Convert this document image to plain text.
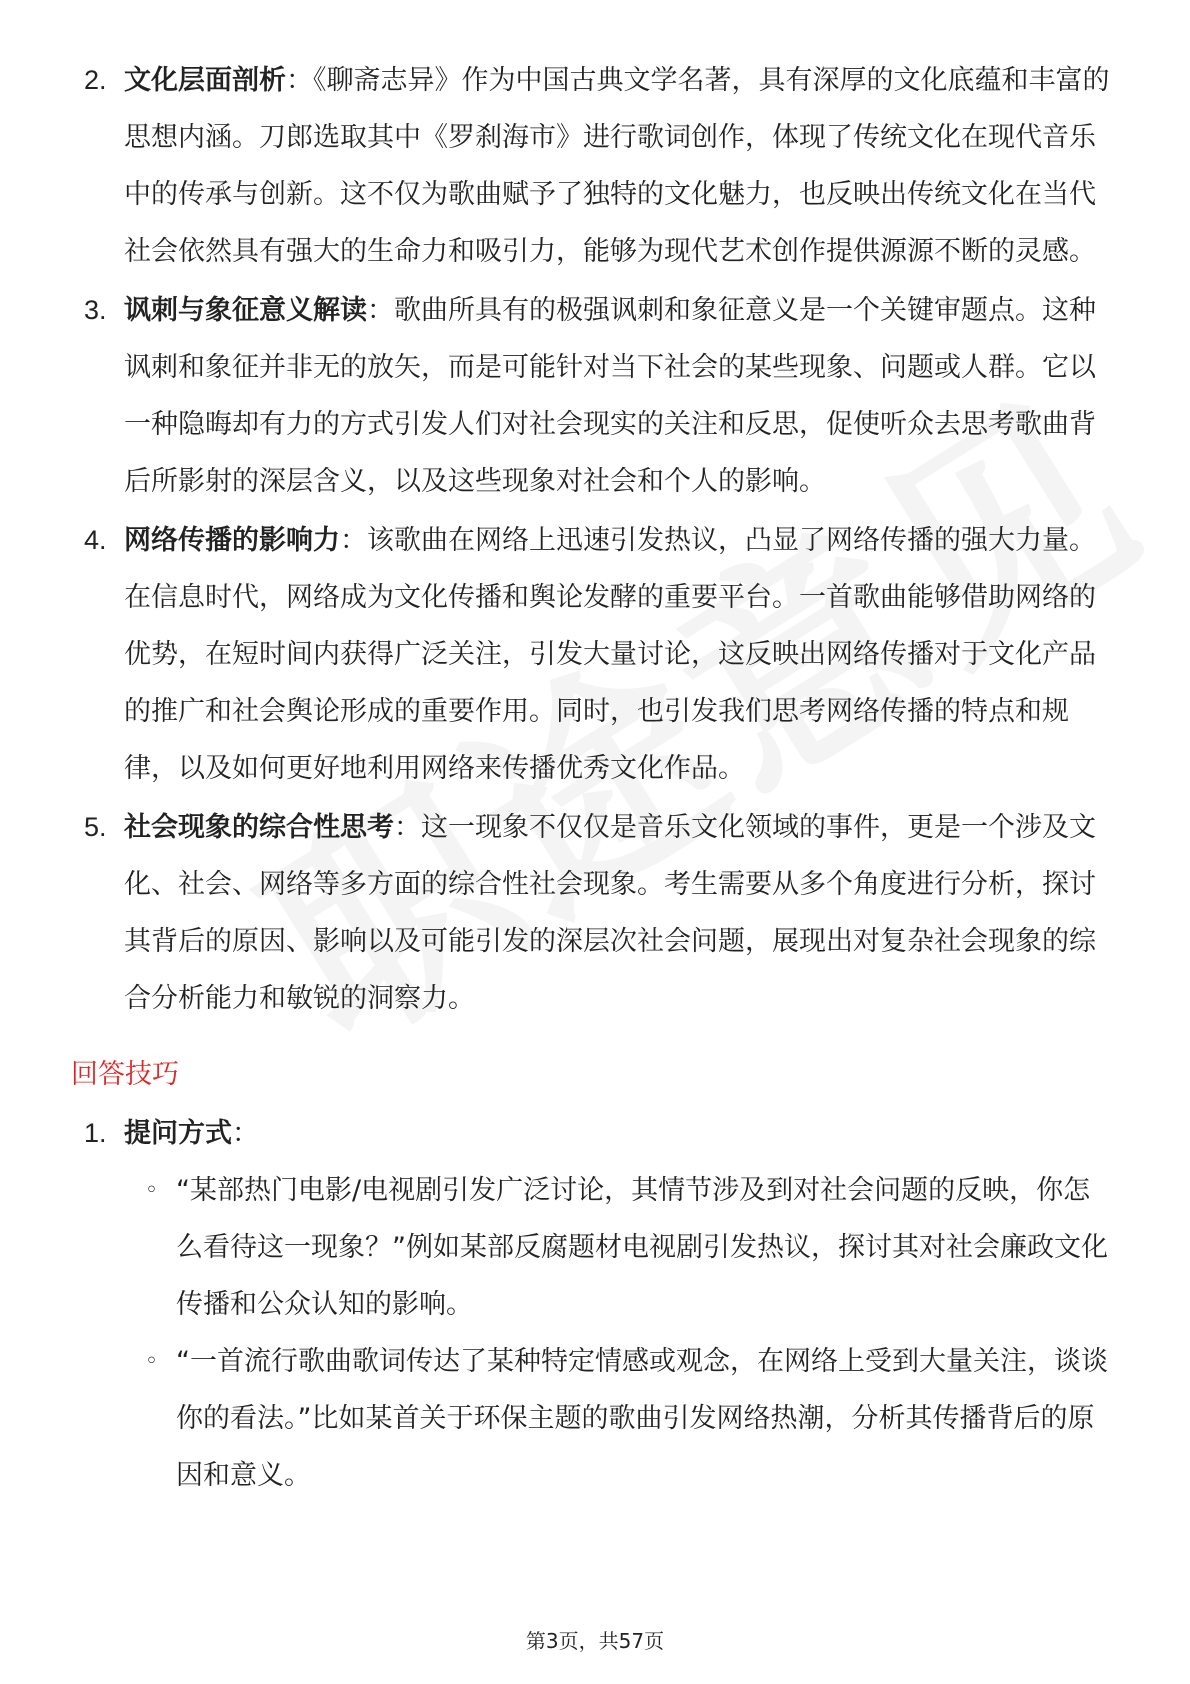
2. 文化层面剖析：《聊斋志异》作为中国古典文学名著，具有深厚的文化底蕴和丰富的思想内涵。刀郎选取其中《罗刹海市》进行歌词创作，体现了传统文化在现代音乐中的传承与创新。这不仅为歌曲赋予了独特的文化魅力，也反映出传统文化在当代社会依然具有强大的生命力和吸引力，能够为现代艺术创作提供源源不断的灵感。
3. 讽刺与象征意义解读：歌曲所具有的极强讽刺和象征意义是一个关键审题点。这种讽刺和象征并非无的放矢，而是可能针对当下社会的某些现象、问题或人群。它以一种隐晦却有力的方式引发人们对社会现实的关注和反思，促使听众去思考歌曲背后所影射的深层含义，以及这些现象对社会和个人的影响。
4. 网络传播的影响力：该歌曲在网络上迅速引发热议，凸显了网络传播的强大力量。在信息时代，网络成为文化传播和舆论发酵的重要平台。一首歌曲能够借助网络的优势，在短时间内获得广泛关注，引发大量讨论，这反映出网络传播对于文化产品的推广和社会舆论形成的重要作用。同时，也引发我们思考网络传播的特点和规律，以及如何更好地利用网络来传播优秀文化作品。
5. 社会现象的综合性思考：这一现象不仅仅是音乐文化领域的事件，更是一个涉及文化、社会、网络等多方面的综合性社会现象。考生需要从多个角度进行分析，探讨其背后的原因、影响以及可能引发的深层次社会问题，展现出对复杂社会现象的综合分析能力和敏锐的洞察力。
回答技巧
1. 提问方式：
◦ “某部热门电影/电视剧引发广泛讨论，其情节涉及到对社会问题的反映，你怎么看待这一现象？”例如某部反腐题材电视剧引发热议，探讨其对社会廉政文化传播和公众认知的影响。
◦ “一首流行歌曲歌词传达了某种特定情感或观念，在网络上受到大量关注，谈谈你的看法。”比如某首关于环保主题的歌曲引发网络热潮，分析其传播背后的原因和意义。
第3页，共57页
